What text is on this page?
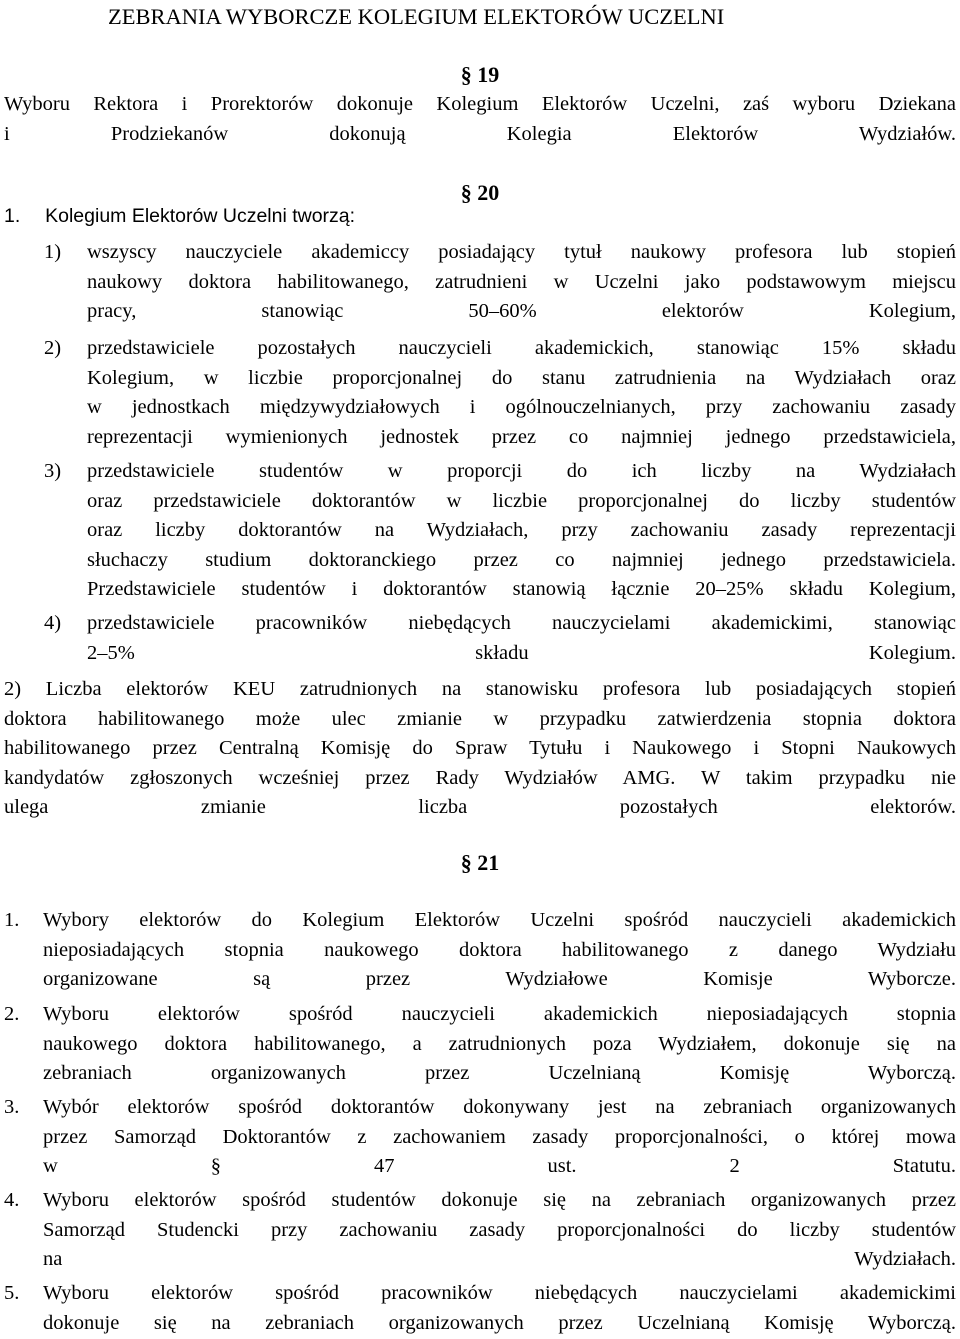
ZEBRANIA WYBORCZE KOLEGIUM ELEKTORÓW UCZELNI
§ 19
Wyboru Rektora i Prorektorów dokonuje Kolegium Elektorów Uczelni, zaś wyboru Dziekana
i Prodziekanów dokonują Kolegia Elektorów Wydziałów.
§ 20
1. Kolegium Elektorów Uczelni tworzą:
1) wszyscy nauczyciele akademiccy posiadający tytuł naukowy profesora lub stopień
naukowy doktora habilitowanego, zatrudnieni w Uczelni jako podstawowym miejscu
pracy, stanowiąc 50–60% elektorów Kolegium,
2) przedstawiciele pozostałych nauczycieli akademickich, stanowiąc 15% składu
Kolegium, w liczbie proporcjonalnej do stanu zatrudnienia na Wydziałach oraz
w jednostkach międzywydziałowych i ogólnouczelnianych, przy zachowaniu zasady
reprezentacji wymienionych jednostek przez co najmniej jednego przedstawiciela,
3) przedstawiciele studentów w proporcji do ich liczby na Wydziałach
oraz przedstawiciele doktorantów w liczbie proporcjonalnej do liczby studentów
oraz liczby doktorantów na Wydziałach, przy zachowaniu zasady reprezentacji
słuchaczy studium doktoranckiego przez co najmniej jednego przedstawiciela.
Przedstawiciele studentów i doktorantów stanowią łącznie 20–25% składu Kolegium,
4) przedstawiciele pracowników niebędących nauczycielami akademickimi, stanowiąc
2–5% składu Kolegium.
2) Liczba elektorów KEU zatrudnionych na stanowisku profesora lub posiadających stopień
doktora habilitowanego może ulec zmianie w przypadku zatwierdzenia stopnia doktora
habilitowanego przez Centralną Komisję do Spraw Tytułu i Naukowego i Stopni Naukowych
kandydatów zgłoszonych wcześniej przez Rady Wydziałów AMG. W takim przypadku nie
ulega zmianie liczba pozostałych elektorów.
§ 21
1. Wybory elektorów do Kolegium Elektorów Uczelni spośród nauczycieli akademickich
nieposiadających stopnia naukowego doktora habilitowanego z danego Wydziału
organizowane są przez Wydziałowe Komisje Wyborcze.
2. Wyboru elektorów spośród nauczycieli akademickich nieposiadających stopnia
naukowego doktora habilitowanego, a zatrudnionych poza Wydziałem, dokonuje się na
zebraniach organizowanych przez Uczelnianą Komisję Wyborczą.
3. Wybór elektorów spośród doktorantów dokonywany jest na zebraniach organizowanych
przez Samorząd Doktorantów z zachowaniem zasady proporcjonalności, o której mowa
w § 47 ust. 2 Statutu.
4. Wyboru elektorów spośród studentów dokonuje się na zebraniach organizowanych przez
Samorząd Studencki przy zachowaniu zasady proporcjonalności do liczby studentów
na Wydziałach.
5. Wyboru elektorów spośród pracowników niebędących nauczycielami akademickimi
dokonuje się na zebraniach organizowanych przez Uczelnianą Komisję Wyborczą.
